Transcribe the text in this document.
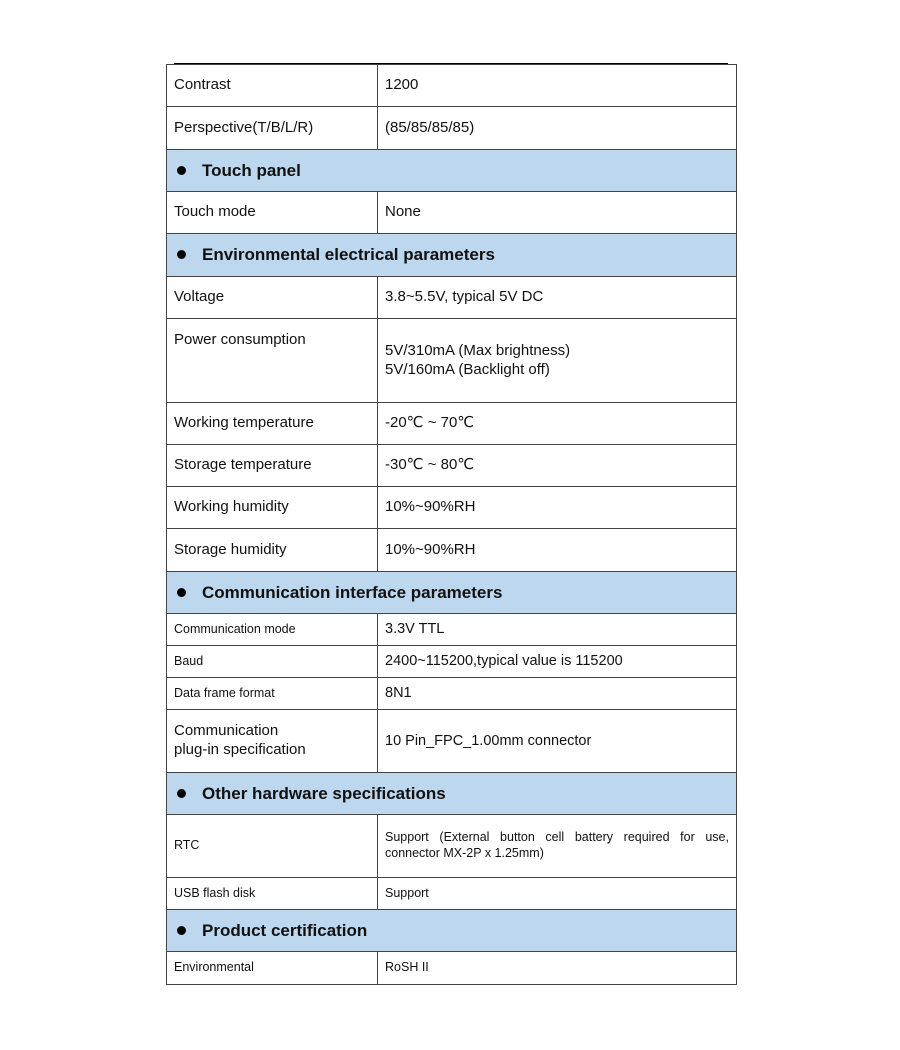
Contrast	1200
Perspective(T/B/L/R)	(85/85/85/85)
Touch panel	
Touch mode	None
Environmental electrical parameters	
Voltage	3.8~5.5V, typical 5V DC
Power consumption	5V/310mA (Max brightness)
5V/160mA (Backlight off)

Working temperature	-20℃ ~ 70℃
Storage temperature	-30℃ ~ 80℃
Working humidity	10%~90%RH
Storage humidity	10%~90%RH
Communication interface parameters	
Communication mode	3.3V TTL
Baud	2400~115200,typical value is 115200
Data frame format	8N1

Communication
plug-in specification	10 Pin_FPC_1.00mm connector
Other hardware specifications	
RTC	Support (External button cell battery required for use,
connector MX-2P x 1.25mm)

USB flash disk	Support
Product certification	
Environmental	RoSH II
